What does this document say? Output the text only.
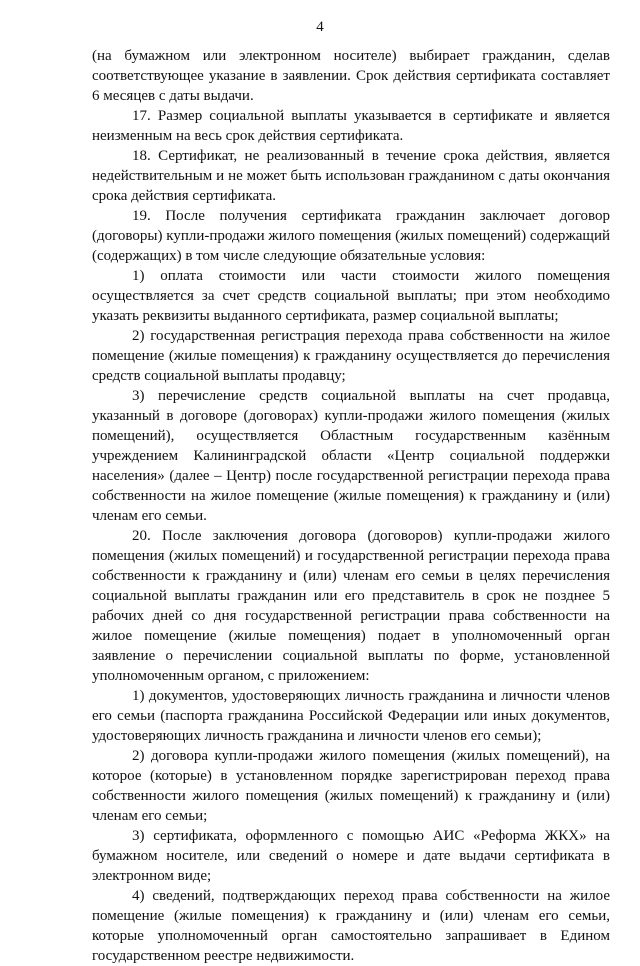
4

(на бумажном или электронном носителе) выбирает гражданин, сделав соответствующее указание в заявлении. Срок действия сертификата составляет 6 месяцев с даты выдачи.

17. Размер социальной выплаты указывается в сертификате и является неизменным на весь срок действия сертификата.

18. Сертификат, не реализованный в течение срока действия, является недействительным и не может быть использован гражданином с даты окончания срока действия сертификата.

19. После получения сертификата гражданин заключает договор (договоры) купли-продажи жилого помещения (жилых помещений) содержащий (содержащих) в том числе следующие обязательные условия:

1) оплата стоимости или части стоимости жилого помещения осуществляется за счет средств социальной выплаты; при этом необходимо указать реквизиты выданного сертификата, размер социальной выплаты;

2) государственная регистрация перехода права собственности на жилое помещение (жилые помещения) к гражданину осуществляется до перечисления средств социальной выплаты продавцу;

3) перечисление средств социальной выплаты на счет продавца, указанный в договоре (договорах) купли-продажи жилого помещения (жилых помещений), осуществляется Областным государственным казённым учреждением Калининградской области «Центр социальной поддержки населения» (далее – Центр) после государственной регистрации перехода права собственности на жилое помещение (жилые помещения) к гражданину и (или) членам его семьи.

20. После заключения договора (договоров) купли-продажи жилого помещения (жилых помещений) и государственной регистрации перехода права собственности к гражданину и (или) членам его семьи в целях перечисления социальной выплаты гражданин или его представитель в срок не позднее 5 рабочих дней со дня государственной регистрации права собственности на жилое помещение (жилые помещения) подает в уполномоченный орган заявление о перечислении социальной выплаты по форме, установленной уполномоченным органом, с приложением:

1) документов, удостоверяющих личность гражданина и личности членов его семьи (паспорта гражданина Российской Федерации или иных документов, удостоверяющих личность гражданина и личности членов его семьи);

2) договора купли-продажи жилого помещения (жилых помещений), на которое (которые) в установленном порядке зарегистрирован переход права собственности жилого помещения (жилых помещений) к гражданину и (или) членам его семьи;

3) сертификата, оформленного с помощью АИС «Реформа ЖКХ» на бумажном носителе, или сведений о номере и дате выдачи сертификата в электронном виде;

4) сведений, подтверждающих переход права собственности на жилое помещение (жилые помещения) к гражданину и (или) членам его семьи, которые уполномоченный орган самостоятельно запрашивает в Едином государственном реестре недвижимости.
